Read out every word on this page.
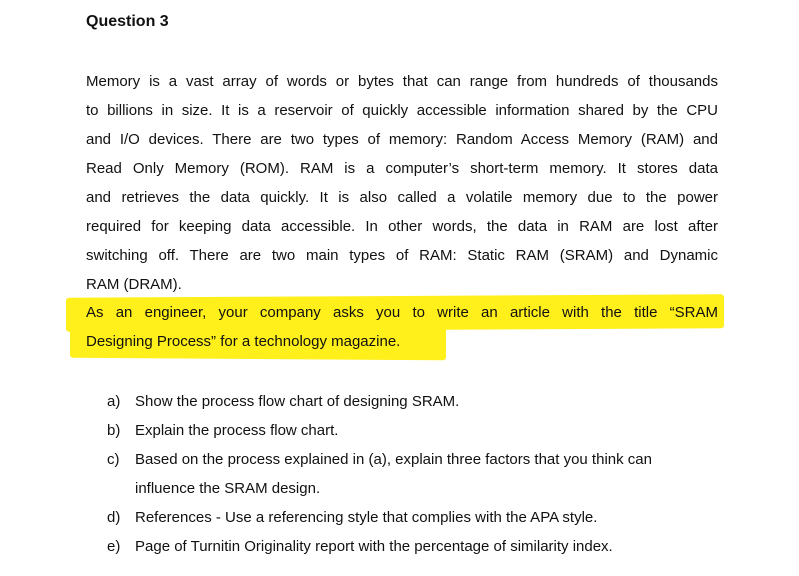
Question 3
Memory is a vast array of words or bytes that can range from hundreds of thousands
to billions in size. It is a reservoir of quickly accessible information shared by the CPU
and I/O devices. There are two types of memory: Random Access Memory (RAM) and
Read Only Memory (ROM). RAM is a computer’s short-term memory. It stores data
and retrieves the data quickly. It is also called a volatile memory due to the power
required for keeping data accessible. In other words, the data in RAM are lost after
switching off. There are two main types of RAM: Static RAM (SRAM) and Dynamic
RAM (DRAM).
As an engineer, your company asks you to write an article with the title “SRAM
Designing Process” for a technology magazine.
a) Show the process flow chart of designing SRAM.
b) Explain the process flow chart.
c) Based on the process explained in (a), explain three factors that you think can
influence the SRAM design.
d) References - Use a referencing style that complies with the APA style.
e) Page of Turnitin Originality report with the percentage of similarity index.
